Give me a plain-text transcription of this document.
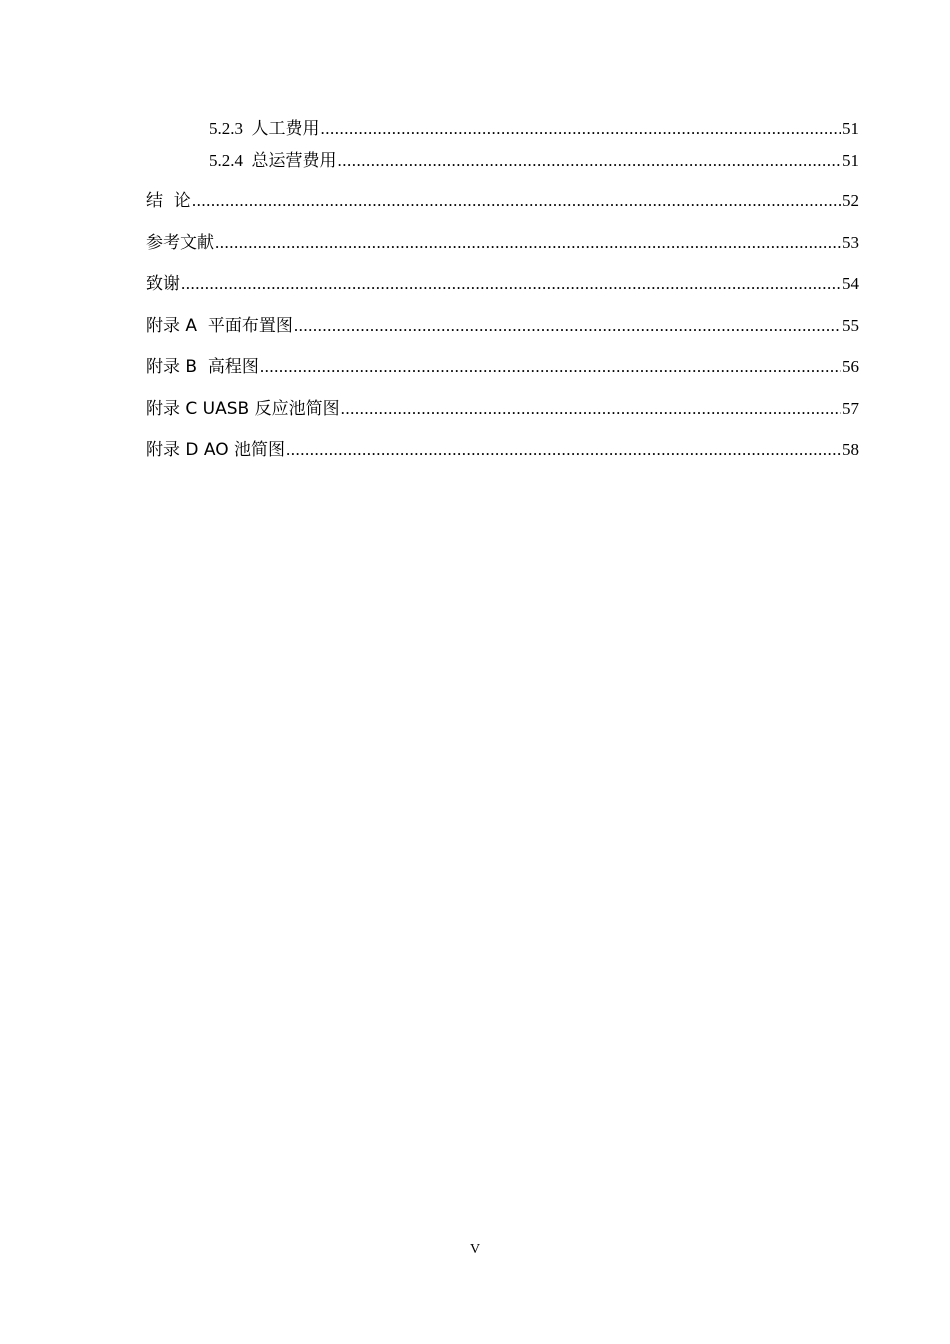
5.2.3  人工费用 .....	51
5.2.4  总运营费用 .....	51
结  论 .....	52
参考文献 .....	53
致谢 .....	54
附录 A  平面布置图 .....	55
附录 B  高程图 .....	56
附录 C UASB 反应池简图 .....	57
附录 D AO 池简图 .....	58
V
